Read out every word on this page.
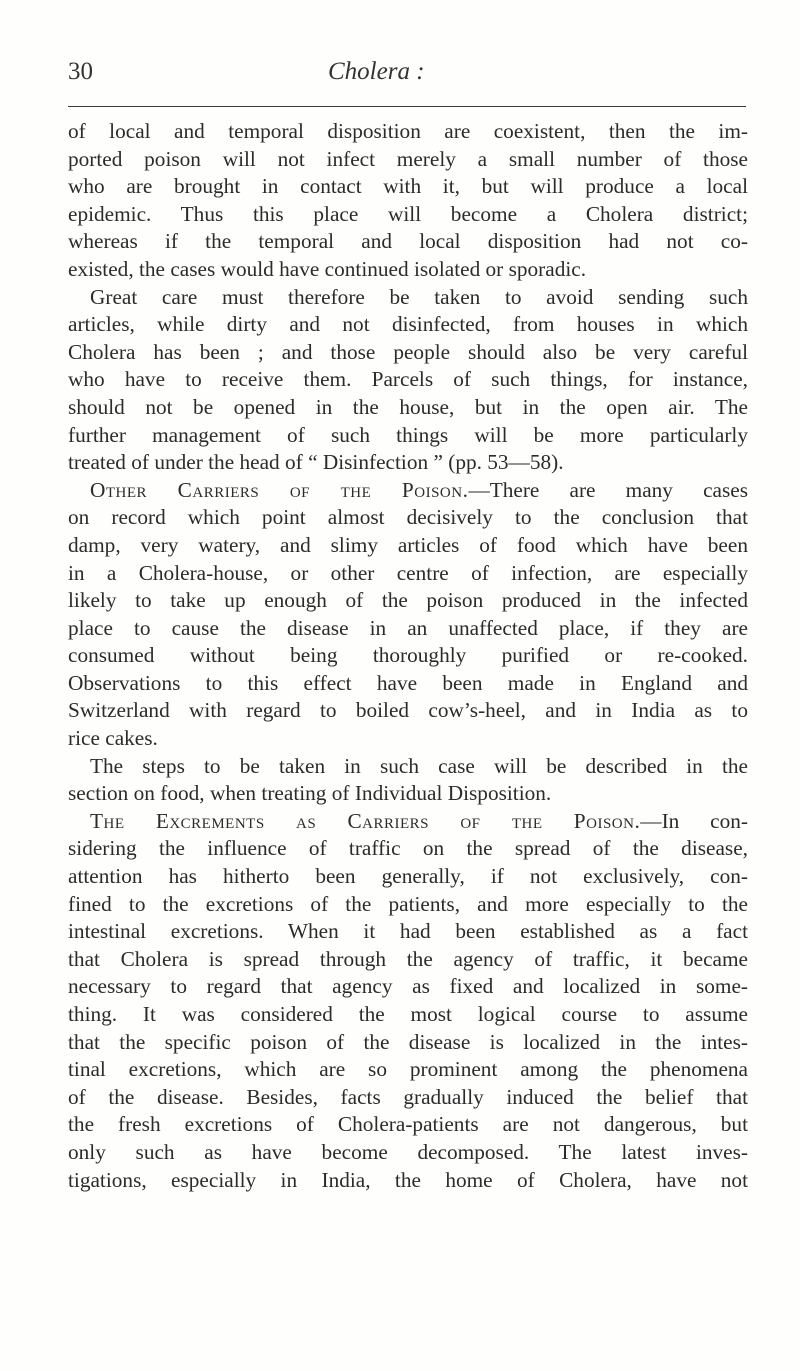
30	Cholera :
of local and temporal disposition are coexistent, then the im-
ported poison will not infect merely a small number of those
who are brought in contact with it, but will produce a local
epidemic. Thus this place will become a Cholera district;
whereas if the temporal and local disposition had not co-
existed, the cases would have continued isolated or sporadic.
Great care must therefore be taken to avoid sending such
articles, while dirty and not disinfected, from houses in which
Cholera has been ; and those people should also be very careful
who have to receive them. Parcels of such things, for instance,
should not be opened in the house, but in the open air. The
further management of such things will be more particularly
treated of under the head of “ Disinfection ” (pp. 53—58).
Other Carriers of the Poison.—There are many cases
on record which point almost decisively to the conclusion that
damp, very watery, and slimy articles of food which have been
in a Cholera-house, or other centre of infection, are especially
likely to take up enough of the poison produced in the infected
place to cause the disease in an unaffected place, if they are
consumed without being thoroughly purified or re-cooked.
Observations to this effect have been made in England and
Switzerland with regard to boiled cow’s-heel, and in India as to
rice cakes.
The steps to be taken in such case will be described in the
section on food, when treating of Individual Disposition.
The Excrements as Carriers of the Poison.—In con-
sidering the influence of traffic on the spread of the disease,
attention has hitherto been generally, if not exclusively, con-
fined to the excretions of the patients, and more especially to the
intestinal excretions. When it had been established as a fact
that Cholera is spread through the agency of traffic, it became
necessary to regard that agency as fixed and localized in some-
thing. It was considered the most logical course to assume
that the specific poison of the disease is localized in the intes-
tinal excretions, which are so prominent among the phenomena
of the disease. Besides, facts gradually induced the belief that
the fresh excretions of Cholera-patients are not dangerous, but
only such as have become decomposed. The latest inves-
tigations, especially in India, the home of Cholera, have not
